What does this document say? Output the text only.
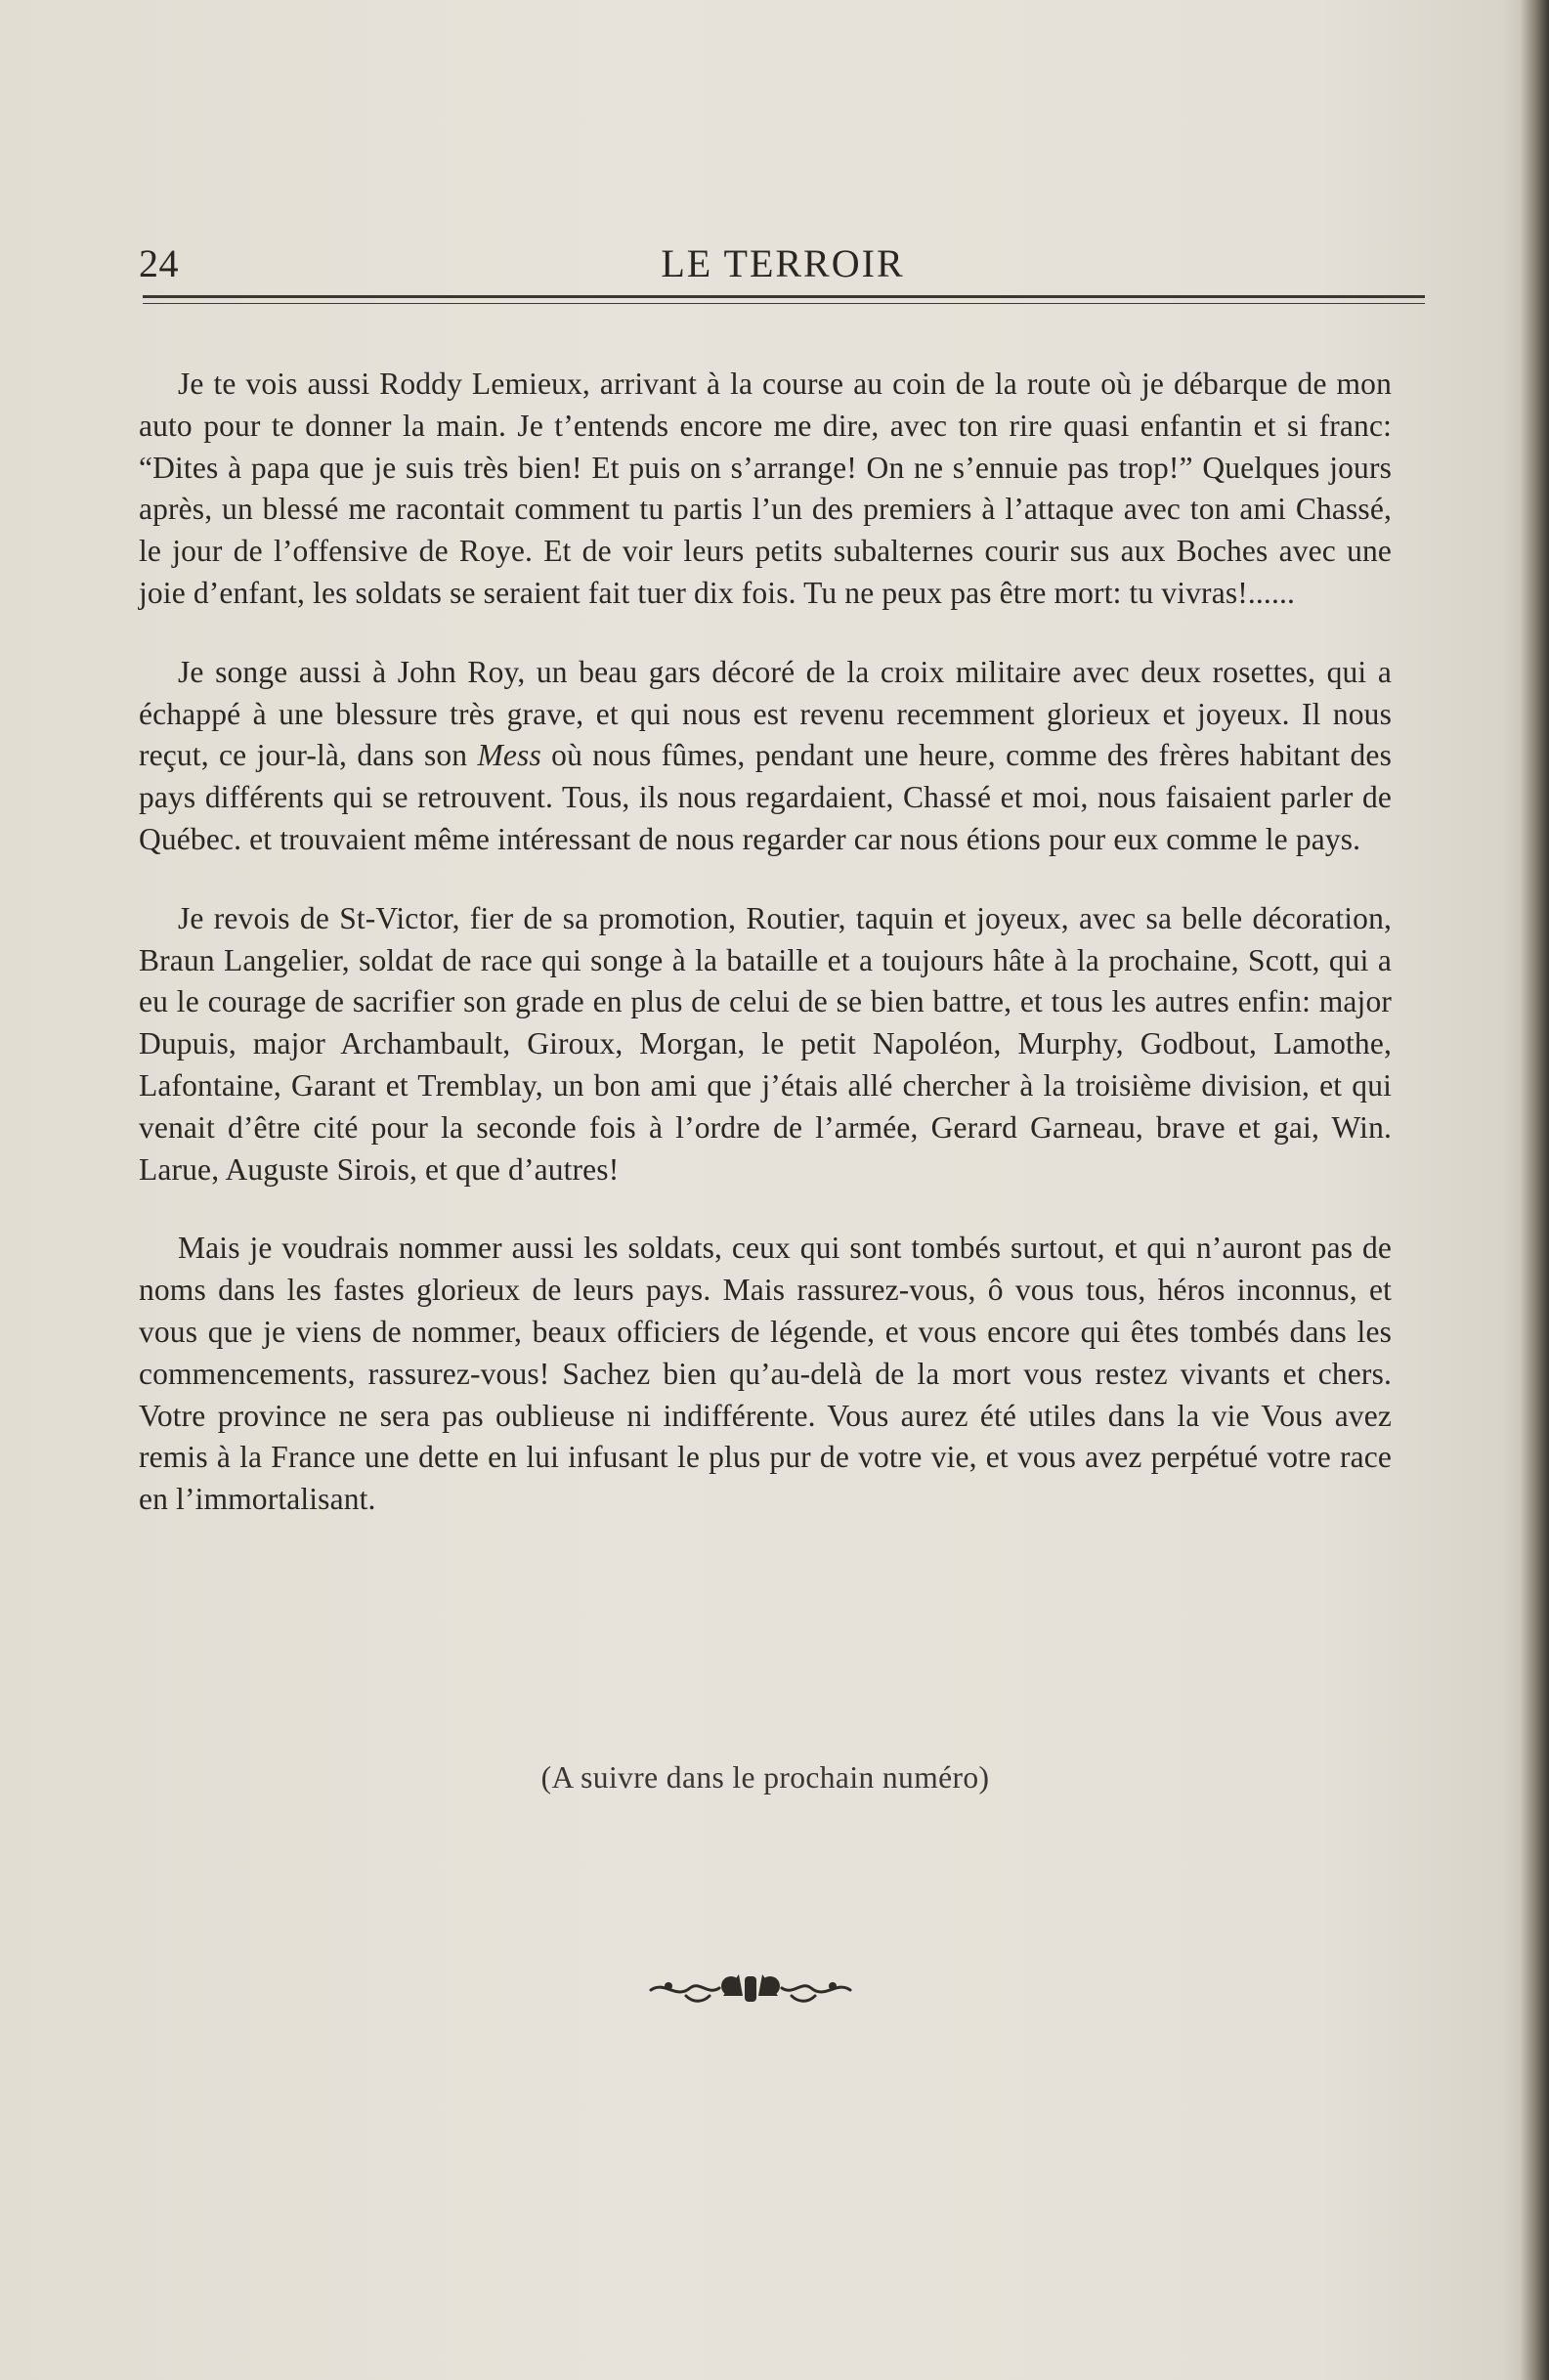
24	LE TERROIR

Je te vois aussi Roddy Lemieux, arrivant à la course au coin de la route où je débarque de mon auto pour te donner la main. Je t’entends encore me dire, avec ton rire quasi enfantin et si franc: “Dites à papa que je suis très bien! Et puis on s’arrange! On ne s’ennuie pas trop!” Quelques jours après, un blessé me racontait comment tu partis l’un des premiers à l’attaque avec ton ami Chassé, le jour de l’offensive de Roye. Et de voir leurs petits subalternes courir sus aux Boches avec une joie d’enfant, les soldats se seraient fait tuer dix fois. Tu ne peux pas être mort: tu vivras!......

Je songe aussi à John Roy, un beau gars décoré de la croix militaire avec deux rosettes, qui a échappé à une blessure très grave, et qui nous est revenu recemment glorieux et joyeux. Il nous reçut, ce jour-là, dans son Mess où nous fûmes, pendant une heure, comme des frères habitant des pays différents qui se retrouvent. Tous, ils nous regardaient, Chassé et moi, nous faisaient parler de Québec. et trouvaient même intéressant de nous regarder car nous étions pour eux comme le pays.

Je revois de St-Victor, fier de sa promotion, Routier, taquin et joyeux, avec sa belle décoration, Braun Langelier, soldat de race qui songe à la bataille et a toujours hâte à la prochaine, Scott, qui a eu le courage de sacrifier son grade en plus de celui de se bien battre, et tous les autres enfin: major Dupuis, major Archambault, Giroux, Morgan, le petit Napoléon, Murphy, Godbout, Lamothe, Lafontaine, Garant et Tremblay, un bon ami que j’étais allé chercher à la troisième division, et qui venait d’être cité pour la seconde fois à l’ordre de l’armée, Gerard Garneau, brave et gai, Win. Larue, Auguste Sirois, et que d’autres!

Mais je voudrais nommer aussi les soldats, ceux qui sont tombés surtout, et qui n’auront pas de noms dans les fastes glorieux de leurs pays. Mais rassurez-vous, ô vous tous, héros inconnus, et vous que je viens de nommer, beaux officiers de légende, et vous encore qui êtes tombés dans les commencements, rassurez-vous! Sachez bien qu’au-delà de la mort vous restez vivants et chers. Votre province ne sera pas oublieuse ni indifférente. Vous aurez été utiles dans la vie Vous avez remis à la France une dette en lui infusant le plus pur de votre vie, et vous avez perpétué votre race en l’immortalisant.

(A suivre dans le prochain numéro)
